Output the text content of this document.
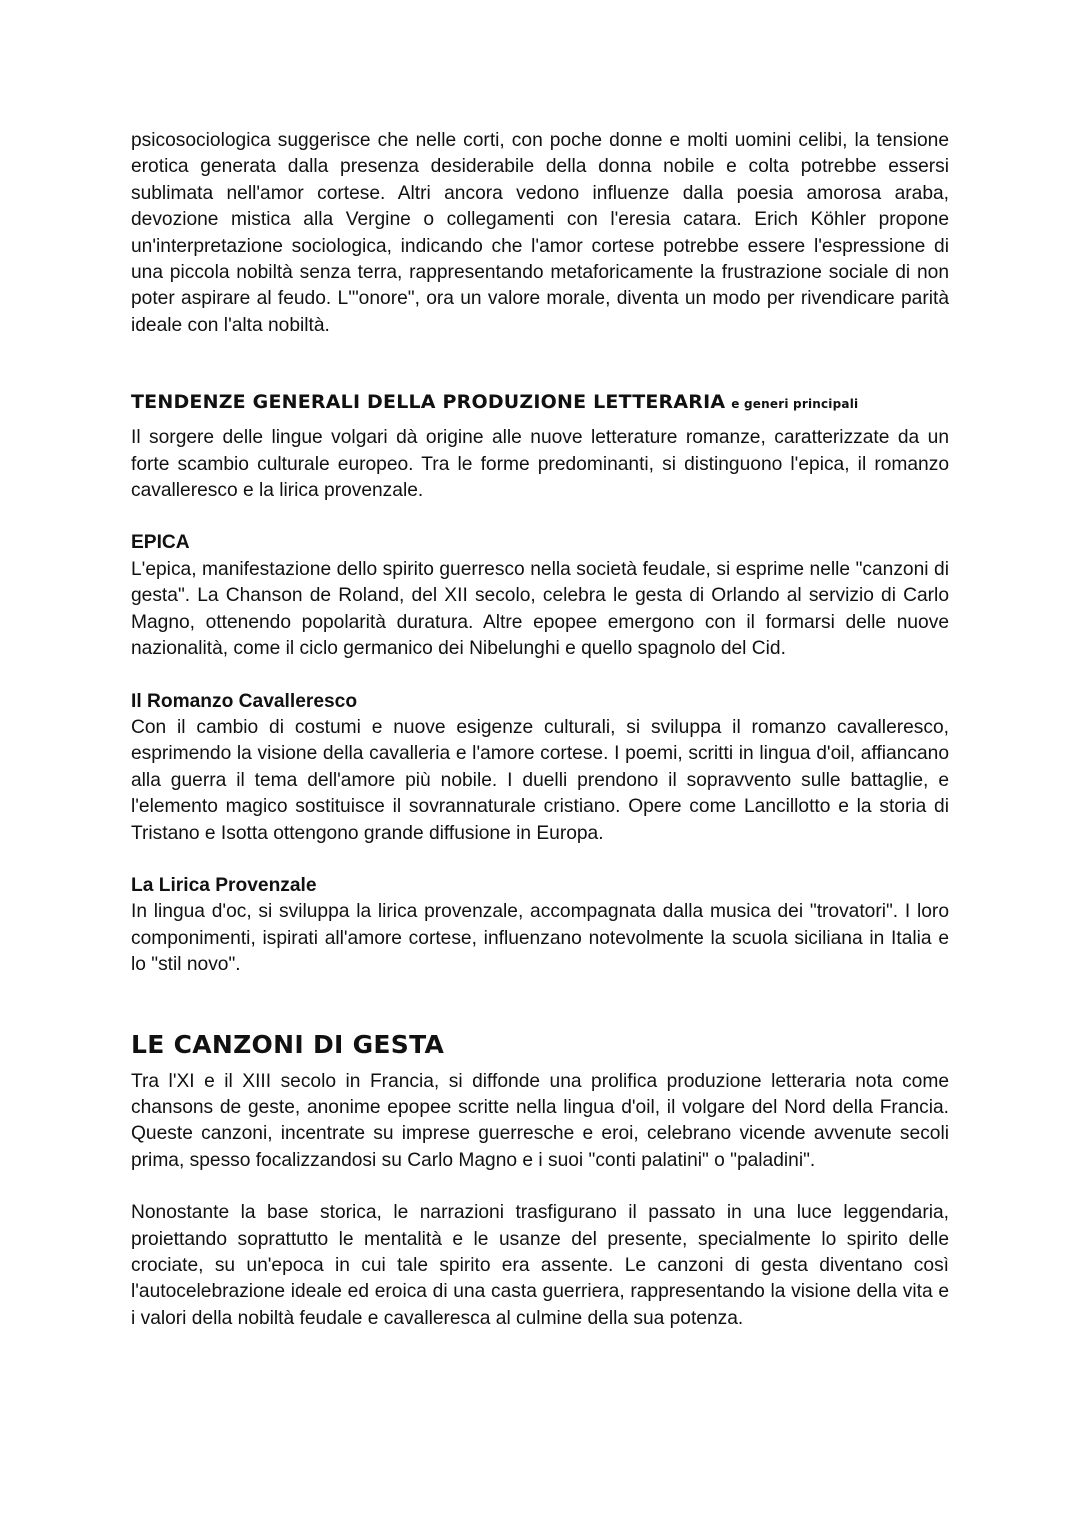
psicosociologica suggerisce che nelle corti, con poche donne e molti uomini celibi, la tensione erotica generata dalla presenza desiderabile della donna nobile e colta potrebbe essersi sublimata nell'amor cortese. Altri ancora vedono influenze dalla poesia amorosa araba, devozione mistica alla Vergine o collegamenti con l'eresia catara. Erich Köhler propone un'interpretazione sociologica, indicando che l'amor cortese potrebbe essere l'espressione di una piccola nobiltà senza terra, rappresentando metaforicamente la frustrazione sociale di non poter aspirare al feudo. L'"onore", ora un valore morale, diventa un modo per rivendicare parità ideale con l'alta nobiltà.

TENDENZE GENERALI DELLA PRODUZIONE LETTERARIA e generi principali

Il sorgere delle lingue volgari dà origine alle nuove letterature romanze, caratterizzate da un forte scambio culturale europeo. Tra le forme predominanti, si distinguono l'epica, il romanzo cavalleresco e la lirica provenzale.

EPICA

L'epica, manifestazione dello spirito guerresco nella società feudale, si esprime nelle "canzoni di gesta". La Chanson de Roland, del XII secolo, celebra le gesta di Orlando al servizio di Carlo Magno, ottenendo popolarità duratura. Altre epopee emergono con il formarsi delle nuove nazionalità, come il ciclo germanico dei Nibelunghi e quello spagnolo del Cid.

Il Romanzo Cavalleresco

Con il cambio di costumi e nuove esigenze culturali, si sviluppa il romanzo cavalleresco, esprimendo la visione della cavalleria e l'amore cortese. I poemi, scritti in lingua d'oil, affiancano alla guerra il tema dell'amore più nobile. I duelli prendono il sopravvento sulle battaglie, e l'elemento magico sostituisce il sovrannaturale cristiano. Opere come Lancillotto e la storia di Tristano e Isotta ottengono grande diffusione in Europa.

La Lirica Provenzale

In lingua d'oc, si sviluppa la lirica provenzale, accompagnata dalla musica dei "trovatori". I loro componimenti, ispirati all'amore cortese, influenzano notevolmente la scuola siciliana in Italia e lo "stil novo".

LE CANZONI DI GESTA

Tra l'XI e il XIII secolo in Francia, si diffonde una prolifica produzione letteraria nota come chansons de geste, anonime epopee scritte nella lingua d'oil, il volgare del Nord della Francia. Queste canzoni, incentrate su imprese guerresche e eroi, celebrano vicende avvenute secoli prima, spesso focalizzandosi su Carlo Magno e i suoi "conti palatini" o "paladini".

Nonostante la base storica, le narrazioni trasfigurano il passato in una luce leggendaria, proiettando soprattutto le mentalità e le usanze del presente, specialmente lo spirito delle crociate, su un'epoca in cui tale spirito era assente. Le canzoni di gesta diventano così l'autocelebrazione ideale ed eroica di una casta guerriera, rappresentando la visione della vita e i valori della nobiltà feudale e cavalleresca al culmine della sua potenza.
